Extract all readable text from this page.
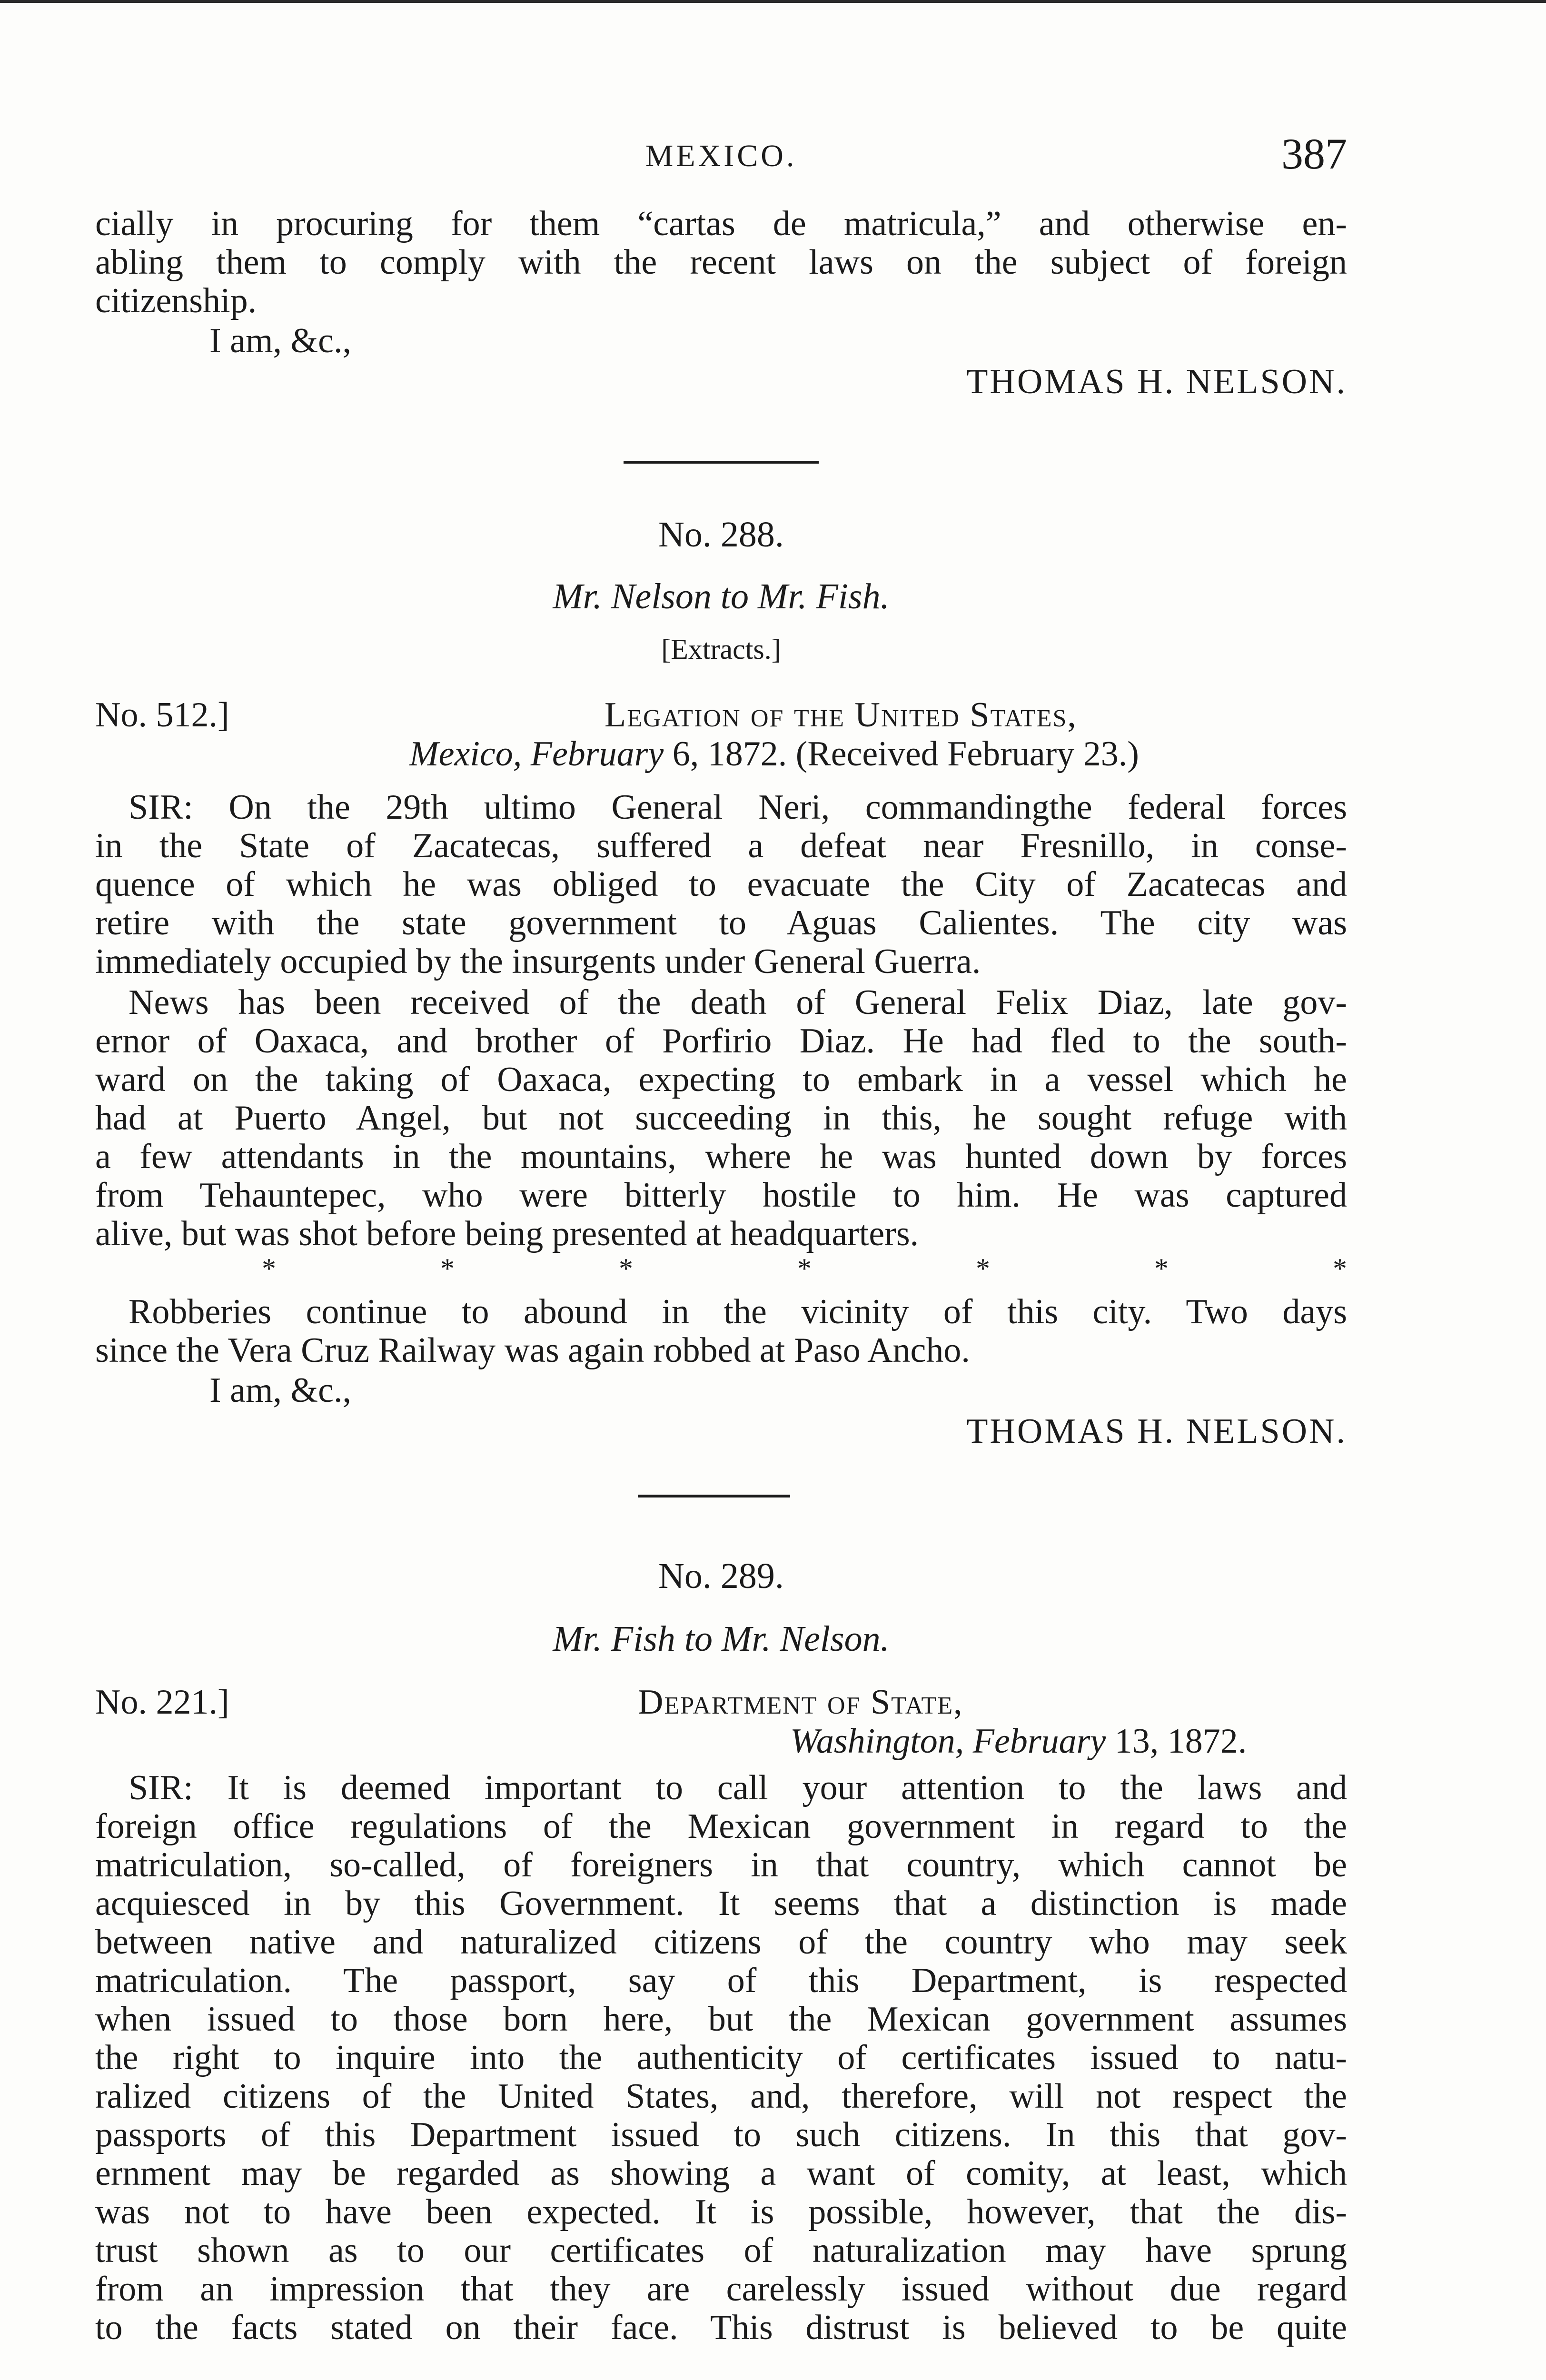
MEXICO.	387

cially in procuring for them “cartas de matricula,” and otherwise en-

abling them to comply with the recent laws on the subject of foreign

citizenship.

I am, &c.,
THOMAS H. NELSON.
No. 288.
Mr. Nelson to Mr. Fish.
[Extracts.]
No. 512.]	Legation of the United States,
Mexico, February 6, 1872. (Received February 23.)

SIR: On the 29th ultimo General Neri, commandingthe federal forces

in the State of Zacatecas, suffered a defeat near Fresnillo, in conse-

quence of which he was obliged to evacuate the City of Zacatecas and

retire with the state government to Aguas Calientes. The city was

immediately occupied by the insurgents under General Guerra.

News has been received of the death of General Felix Diaz, late gov-

ernor of Oaxaca, and brother of Porfirio Diaz. He had fled to the south-

ward on the taking of Oaxaca, expecting to embark in a vessel which he

had at Puerto Angel, but not succeeding in this, he sought refuge with

a few attendants in the mountains, where he was hunted down by forces

from Tehauntepec, who were bitterly hostile to him. He was captured

alive, but was shot before being presented at headquarters.

*	*	*	*	*	*	*

Robberies continue to abound in the vicinity of this city. Two days

since the Vera Cruz Railway was again robbed at Paso Ancho.

I am, &c.,
THOMAS H. NELSON.
No. 289.
Mr. Fish to Mr. Nelson.
No. 221.]	Department of State,
Washington, February 13, 1872.

SIR: It is deemed important to call your attention to the laws and

foreign office regulations of the Mexican government in regard to the

matriculation, so-called, of foreigners in that country, which cannot be

acquiesced in by this Government. It seems that a distinction is made

between native and naturalized citizens of the country who may seek

matriculation. The passport, say of this Department, is respected

when issued to those born here, but the Mexican government assumes

the right to inquire into the authenticity of certificates issued to natu-

ralized citizens of the United States, and, therefore, will not respect the

passports of this Department issued to such citizens. In this that gov-

ernment may be regarded as showing a want of comity, at least, which

was not to have been expected. It is possible, however, that the dis-

trust shown as to our certificates of naturalization may have sprung

from an impression that they are carelessly issued without due regard

to the facts stated on their face. This distrust is believed to be quite
